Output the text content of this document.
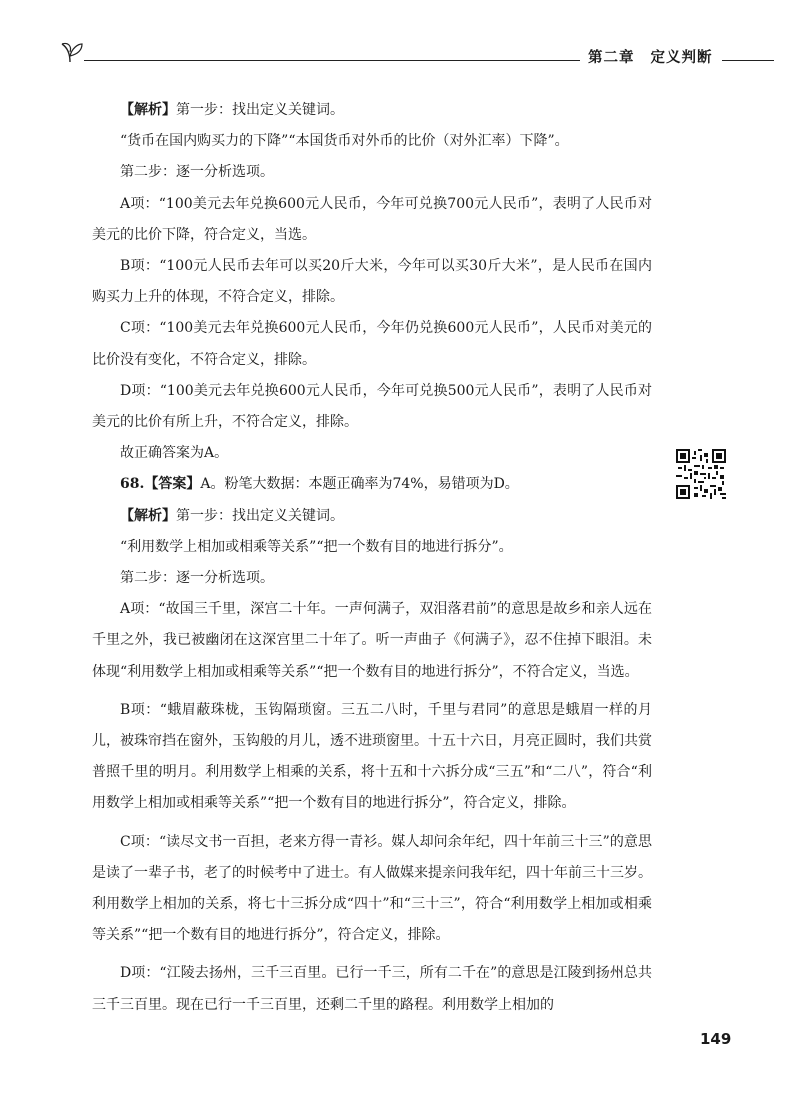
第二章 定义判断

【解析】第一步：找出定义关键词。

“货币在国内购买力的下降”“本国货币对外币的比价（对外汇率）下降”。

第二步：逐一分析选项。

A项：“100美元去年兑换600元人民币，今年可兑换700元人民币”，表明了人民币对美元的比价下降，符合定义，当选。

B项：“100元人民币去年可以买20斤大米，今年可以买30斤大米”，是人民币在国内购买力上升的体现，不符合定义，排除。

C项：“100美元去年兑换600元人民币，今年仍兑换600元人民币”，人民币对美元的比价没有变化，不符合定义，排除。

D项：“100美元去年兑换600元人民币，今年可兑换500元人民币”，表明了人民币对美元的比价有所上升，不符合定义，排除。

故正确答案为A。

68.【答案】A。粉笔大数据：本题正确率为74%，易错项为D。

【解析】第一步：找出定义关键词。

“利用数学上相加或相乘等关系”“把一个数有目的地进行拆分”。

第二步：逐一分析选项。

A项：“故国三千里，深宫二十年。一声何满子，双泪落君前”的意思是故乡和亲人远在千里之外，我已被幽闭在这深宫里二十年了。听一声曲子《何满子》，忍不住掉下眼泪。未体现“利用数学上相加或相乘等关系”“把一个数有目的地进行拆分”，不符合定义，当选。

B项：“蛾眉蔽珠栊，玉钩隔琐窗。三五二八时，千里与君同”的意思是蛾眉一样的月儿，被珠帘挡在窗外，玉钩般的月儿，透不进琐窗里。十五十六日，月亮正圆时，我们共赏普照千里的明月。利用数学上相乘的关系，将十五和十六拆分成“三五”和“二八”，符合“利用数学上相加或相乘等关系”“把一个数有目的地进行拆分”，符合定义，排除。

C项：“读尽文书一百担，老来方得一青衫。媒人却问余年纪，四十年前三十三”的意思是读了一辈子书，老了的时候考中了进士。有人做媒来提亲问我年纪，四十年前三十三岁。利用数学上相加的关系，将七十三拆分成“四十”和“三十三”，符合“利用数学上相加或相乘等关系”“把一个数有目的地进行拆分”，符合定义，排除。

D项：“江陵去扬州，三千三百里。已行一千三，所有二千在”的意思是江陵到扬州总共三千三百里。现在已行一千三百里，还剩二千里的路程。利用数学上相加的

149
